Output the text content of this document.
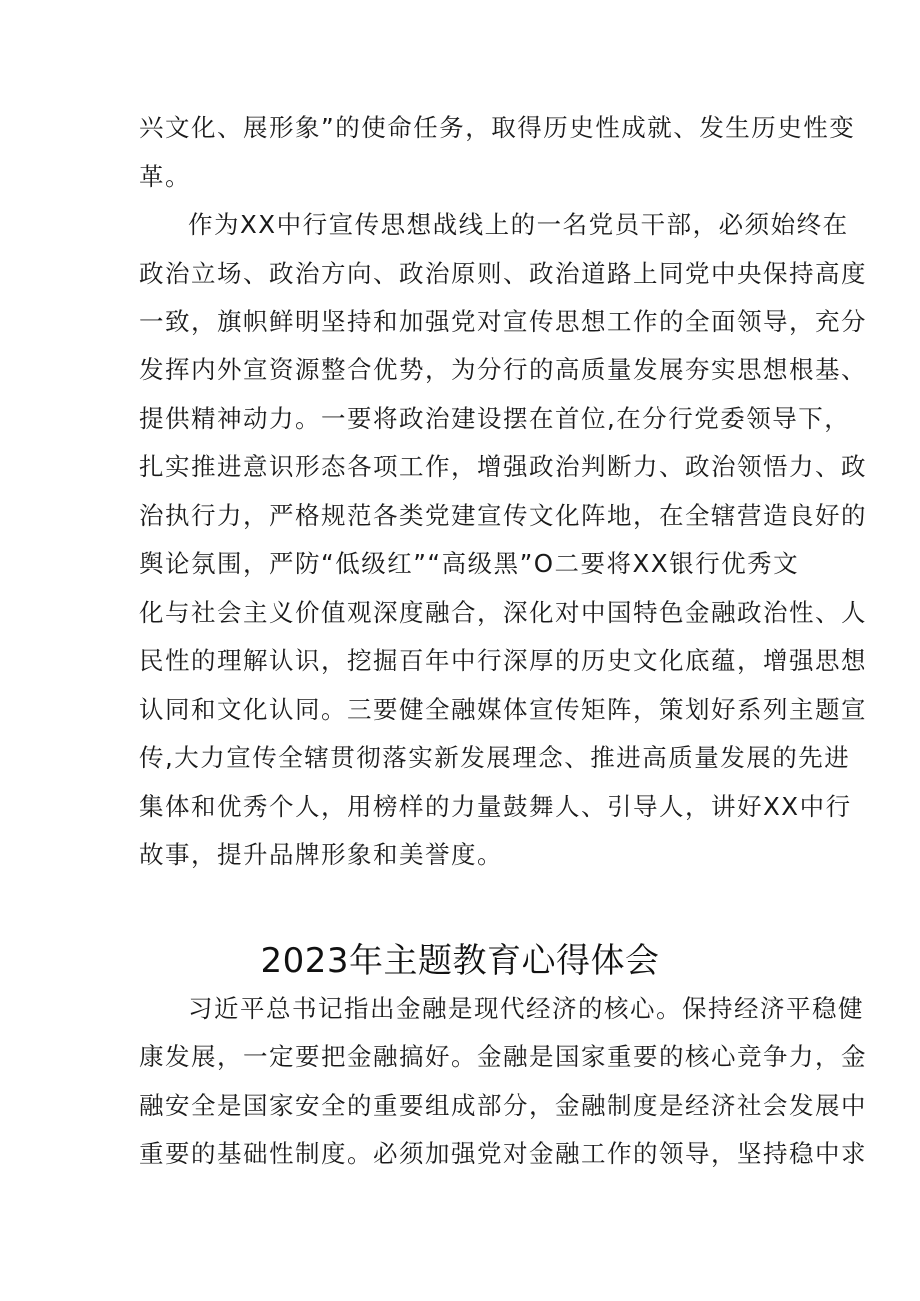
兴文化、展形象”的使命任务，取得历史性成就、发生历史性变
革。
作为XX中行宣传思想战线上的一名党员干部，必须始终在
政治立场、政治方向、政治原则、政治道路上同党中央保持高度
一致，旗帜鲜明坚持和加强党对宣传思想工作的全面领导，充分
发挥内外宣资源整合优势，为分行的高质量发展夯实思想根基、
提供精神动力。一要将政治建设摆在首位,在分行党委领导下，
扎实推进意识形态各项工作，增强政治判断力、政治领悟力、政
治执行力，严格规范各类党建宣传文化阵地，在全辖营造良好的
舆论氛围，严防“低级红”“高级黑”O二要将XX银行优秀文
化与社会主义价值观深度融合，深化对中国特色金融政治性、人
民性的理解认识，挖掘百年中行深厚的历史文化底蕴，增强思想
认同和文化认同。三要健全融媒体宣传矩阵，策划好系列主题宣
传,大力宣传全辖贯彻落实新发展理念、推进高质量发展的先进
集体和优秀个人，用榜样的力量鼓舞人、引导人，讲好XX中行
故事，提升品牌形象和美誉度。
2023年主题教育心得体会
习近平总书记指出金融是现代经济的核心。保持经济平稳健
康发展，一定要把金融搞好。金融是国家重要的核心竞争力，金
融安全是国家安全的重要组成部分，金融制度是经济社会发展中
重要的基础性制度。必须加强党对金融工作的领导，坚持稳中求
